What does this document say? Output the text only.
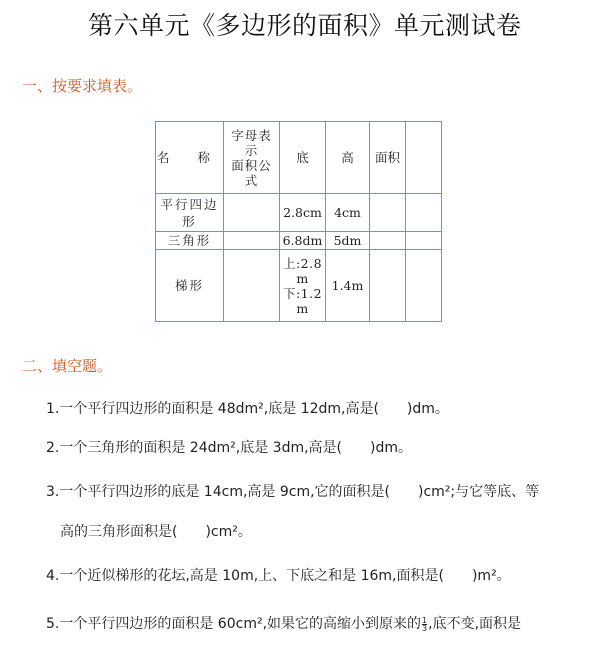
第六单元《多边形的面积》单元测试卷
一、按要求填表。
名 称	字母表
示
面积公
式	底	高	面积	

平行四边
形		2.8cm	4cm		
三角形		6.8dm	5dm		
梯形		上:2.8
m
下:1.2
m	1.4m		
二、填空题。
1.一个平行四边形的面积是 48dm²,底是 12dm,高是(　　)dm。
2.一个三角形的面积是 24dm²,底是 3dm,高是(　　)dm。
3.一个平行四边形的底是 14cm,高是 9cm,它的面积是(　　)cm²;与它等底、等
高的三角形面积是(　　)cm²。
4.一个近似梯形的花坛,高是 10m,上、下底之和是 16m,面积是(　　)m²。
5.一个平行四边形的面积是 60cm²,如果它的高缩小到原来的 $\frac{1}{3}$ ,底不变,面积是
